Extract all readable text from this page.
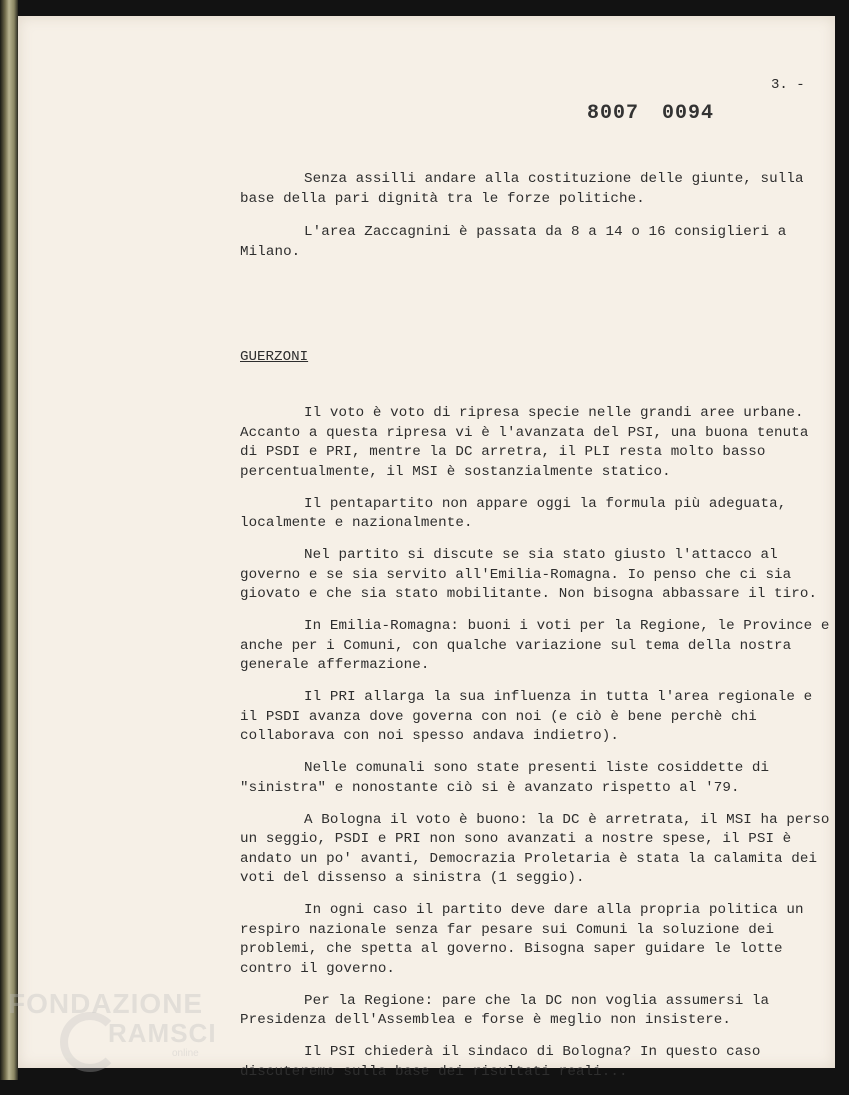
3. -
8007 0094

Senza assilli andare alla costituzione delle giunte, sulla base della pari dignità tra le forze politiche.

L'area Zaccagnini è passata da 8 a 14 o 16 consiglieri a Milano.

GUERZONI

Il voto è voto di ripresa specie nelle grandi aree urbane. Accanto a questa ripresa vi è l'avanzata del PSI, una buona tenuta di PSDI e PRI, mentre la DC arretra, il PLI resta molto basso percentualmente, il MSI è sostanzialmente statico.

Il pentapartito non appare oggi la formula più adeguata, localmente e nazionalmente.

Nel partito si discute se sia stato giusto l'attacco al governo e se sia servito all'Emilia-Romagna. Io penso che ci sia giovato e che sia stato mobilitante. Non bisogna abbassare il tiro.

In Emilia-Romagna: buoni i voti per la Regione, le Province e anche per i Comuni, con qualche variazione sul tema della nostra generale affermazione.

Il PRI allarga la sua influenza in tutta l'area regionale e il PSDI avanza dove governa con noi (e ciò è bene perchè chi collaborava con noi spesso andava indietro).

Nelle comunali sono state presenti liste cosiddette di "sinistra" e nonostante ciò si è avanzato rispetto al '79.

A Bologna il voto è buono: la DC è arretrata, il MSI ha perso un seggio, PSDI e PRI non sono avanzati a nostre spese, il PSI è andato un po' avanti, Democrazia Proletaria è stata la calamita dei voti del dissenso a sinistra (1 seggio).

In ogni caso il partito deve dare alla propria politica un respiro nazionale senza far pesare sui Comuni la soluzione dei problemi, che spetta al governo. Bisogna saper guidare le lotte contro il governo.

Per la Regione: pare che la DC non voglia assumersi la Presidenza dell'Assemblea e forse è meglio non insistere.

Il PSI chiederà il sindaco di Bologna? In questo caso discuteremo sulla base dei risultati reali...

FONDAZIONE
RAMSCI
online
